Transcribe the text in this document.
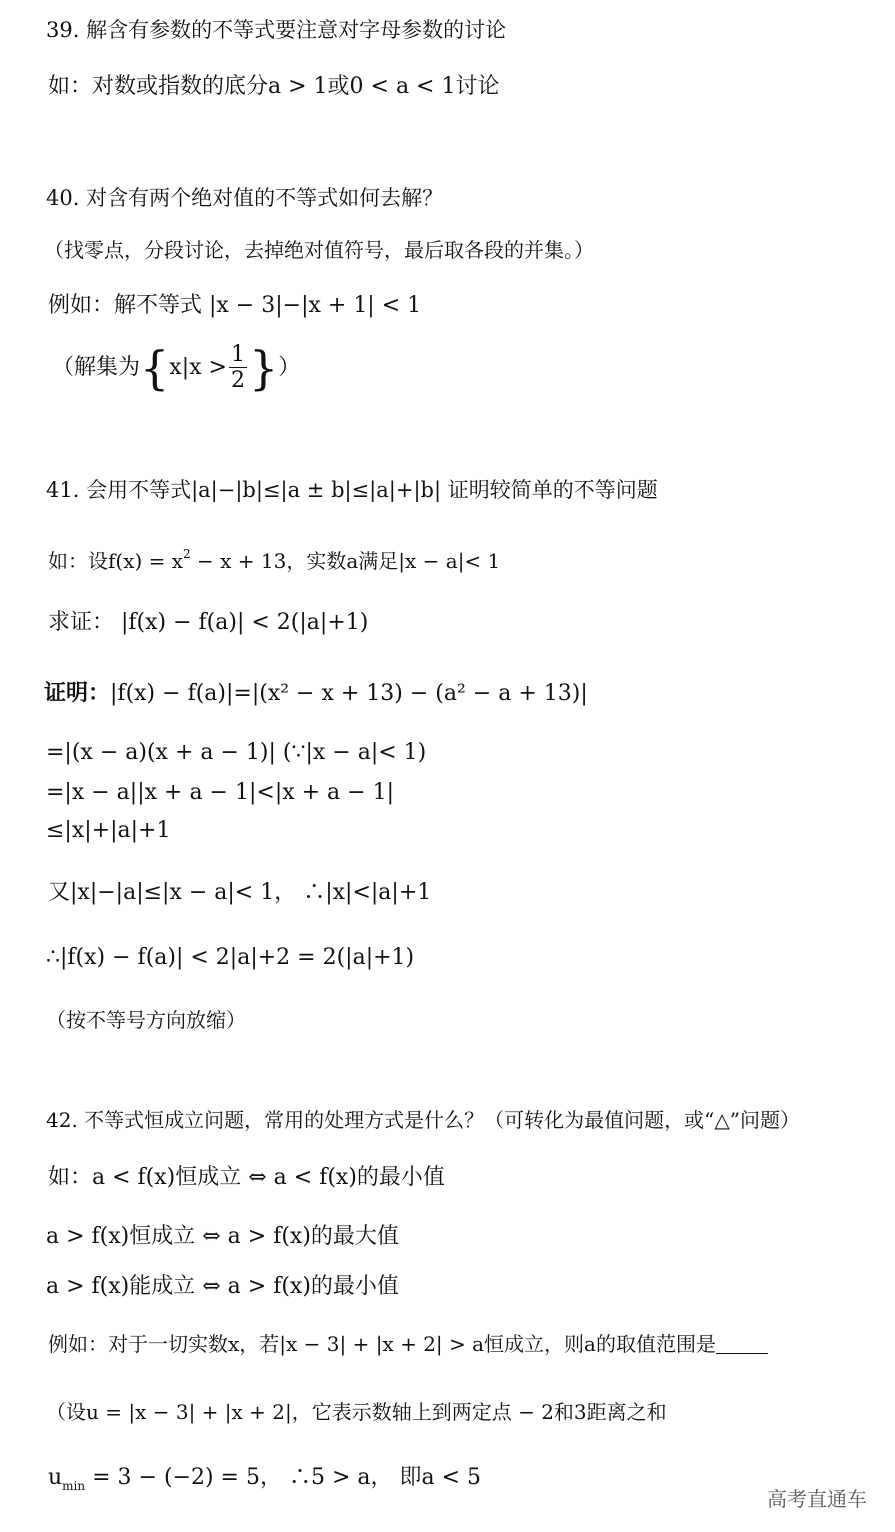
39. 解含有参数的不等式要注意对字母参数的讨论
如：对数或指数的底分a > 1或0 < a < 1讨论
40. 对含有两个绝对值的不等式如何去解？
（找零点，分段讨论，去掉绝对值符号，最后取各段的并集。）
例如：解不等式 |x − 3|−|x + 1| < 1
（解集为{$x|x > \frac{1}{2}$ }）
41. 会用不等式|a|−|b|≤|a ± b|≤|a|+|b| 证明较简单的不等问题
如：设$f(x) = x^2 - x + 13$，实数a满足|x − a|< 1
求证： |f(x) − f(a)| < 2(|a|+1)
证明：|f(x) − f(a)|=|(x² − x + 13) − (a² − a + 13)|
=|(x − a)(x + a − 1)| (∵|x − a|< 1)
=|x − a||x + a − 1|<|x + a − 1|
≤|x|+|a|+1
又|x|−|a|≤|x − a|< 1， ∴|x|<|a|+1
∴|f(x) − f(a)| < 2|a|+2 = 2(|a|+1)
（按不等号方向放缩）
42. 不等式恒成立问题，常用的处理方式是什么？（可转化为最值问题，或“△”问题）
如：a < f(x)恒成立 ⇔ a < f(x)的最小值
a > f(x)恒成立 ⇔ a > f(x)的最大值
a > f(x)能成立 ⇔ a > f(x)的最小值
例如：对于一切实数x，若|x − 3| + |x + 2| > a恒成立，则a的取值范围是
（设u = |x − 3| + |x + 2|，它表示数轴上到两定点 − 2和3距离之和
$u_{min} = 3 - (-2) = 5$， ∴5 > a， 即a < 5
高考直通车
